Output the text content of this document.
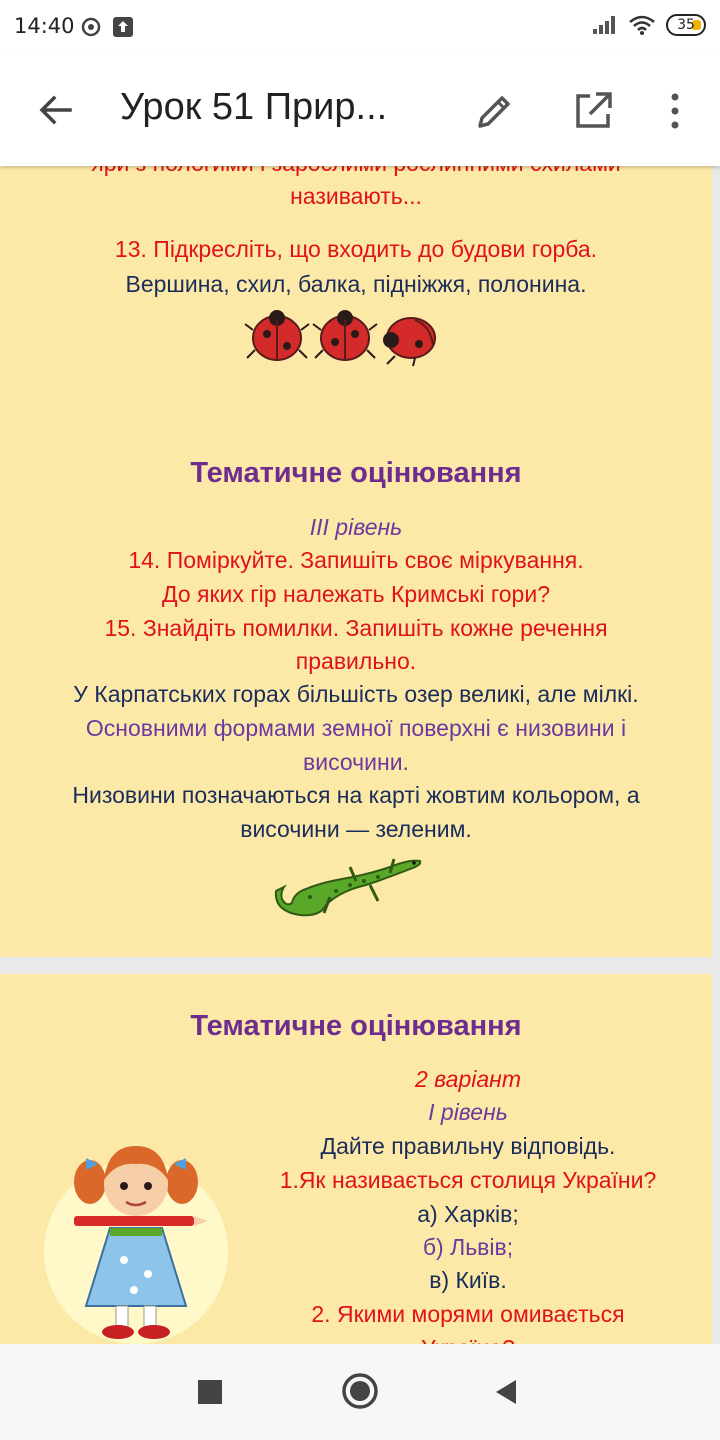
14:40	35
Урок 51 Прир...
називають...
13. Підкресліть, що входить до будови горба.
Вершина, схил, балка, підніжжя, полонина.
Тематичне оцінювання
ІІІ рівень
14. Поміркуйте. Запишіть своє міркування.
До яких гір належать Кримські гори?
15. Знайдіть помилки. Запишіть кожне речення
правильно.
У Карпатських горах більшість озер великі, але мілкі.
Основними формами земної поверхні є низовини і
височини.
Низовини позначаються на карті жовтим кольором, а
височини — зеленим.
Тематичне оцінювання
2 варіант
І рівень
Дайте правильну відповідь.
1.Як називається столиця України?
а) Харків;
б) Львів;
в) Київ.
2. Якими морями омивається
